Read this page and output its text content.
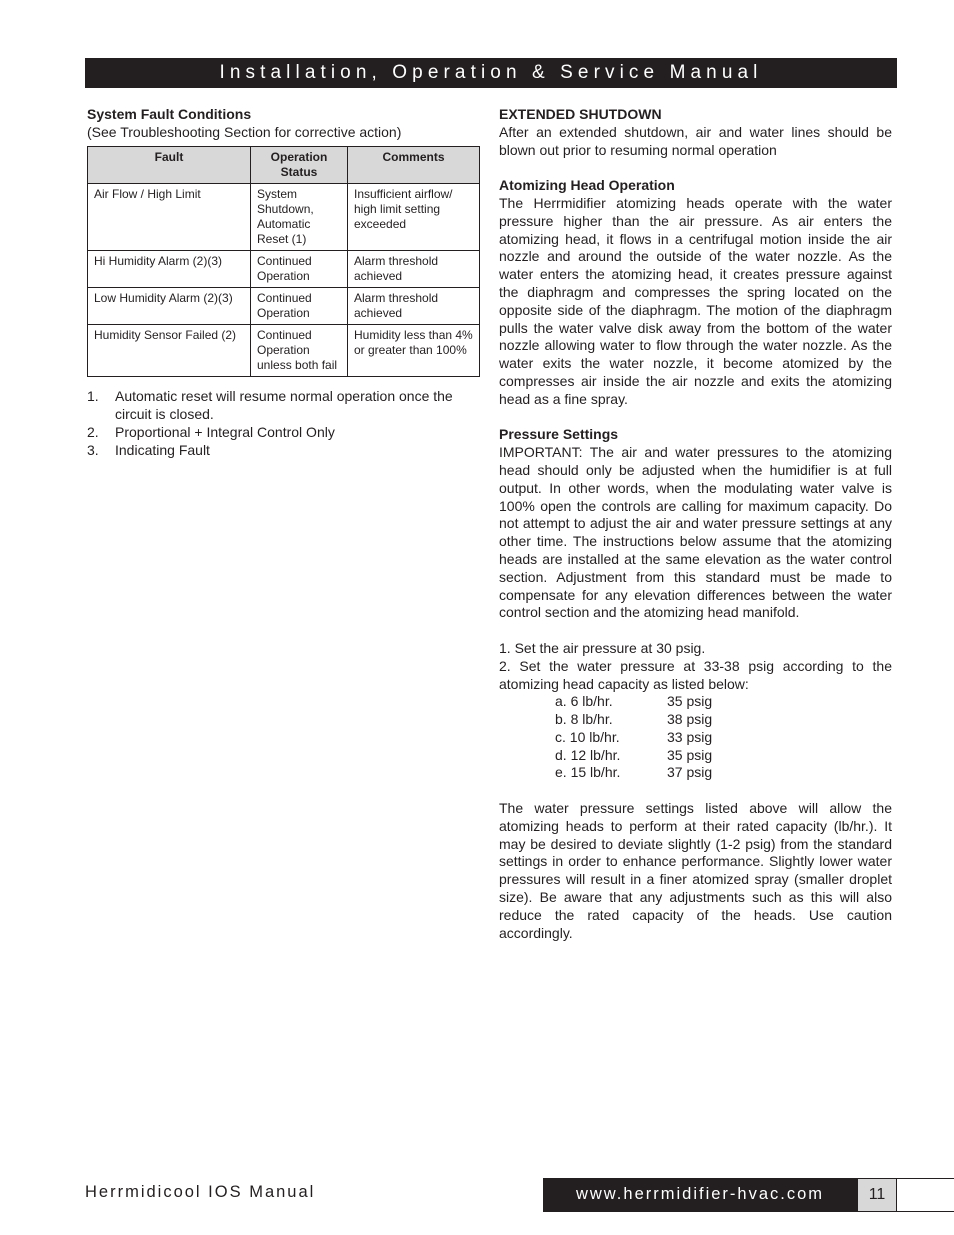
Installation, Operation & Service Manual

System Fault Conditions

(See Troubleshooting Section for corrective action)

Fault	Operation Status	Comments
Air Flow / High Limit	System Shutdown, Automatic Reset (1)	Insufficient airflow/ high limit setting exceeded
Hi Humidity Alarm (2)(3)	Continued Operation	Alarm threshold achieved
Low Humidity Alarm (2)(3)	Continued Operation	Alarm threshold achieved
Humidity Sensor Failed (2)	Continued Operation unless both fail	Humidity less than 4% or greater than 100%
1.	Automatic reset will resume normal operation once the circuit is closed.
2.	Proportional + Integral Control Only
3.	Indicating Fault

EXTENDED SHUTDOWN

After an extended shutdown, air and water lines should be blown out prior to resuming normal operation

Atomizing Head Operation

The Herrmidifier atomizing heads operate with the water pressure higher than the air pressure. As air enters the atomizing head, it flows in a centrifugal motion inside the air nozzle and around the outside of the water nozzle. As the water enters the atomizing head, it creates pressure against the diaphragm and compresses the spring located on the opposite side of the diaphragm. The motion of the diaphragm pulls the water valve disk away from the bottom of the water nozzle allowing water to flow through the water nozzle. As the water exits the water nozzle, it become atomized by the compresses air inside the air nozzle and exits the atomizing head as a fine spray.

Pressure Settings

IMPORTANT: The air and water pressures to the atomizing head should only be adjusted when the humidifier is at full output. In other words, when the modulating water valve is 100% open the controls are calling for maximum capacity. Do not attempt to adjust the air and water pressure settings at any other time. The instructions below assume that the atomizing heads are installed at the same elevation as the water control section. Adjustment from this standard must be made to compensate for any elevation differences between the water control section and the atomizing head manifold.

1. Set the air pressure at 30 psig.

2. Set the water pressure at 33-38 psig according to the atomizing head capacity as listed below:

a. 6 lb/hr.	35 psig
b. 8 lb/hr.	38 psig
c. 10 lb/hr.	33 psig
d. 12 lb/hr.	35 psig
e. 15 lb/hr.	37 psig

The water pressure settings listed above will allow the atomizing heads to perform at their rated capacity (lb/hr.). It may be desired to deviate slightly (1-2 psig) from the standard settings in order to enhance performance. Slightly lower water pressures will result in a finer atomized spray (smaller droplet size). Be aware that any adjustments such as this will also reduce the rated capacity of the heads. Use caution accordingly.

Herrmidicool IOS Manual	www.herrmidifier-hvac.com	11
